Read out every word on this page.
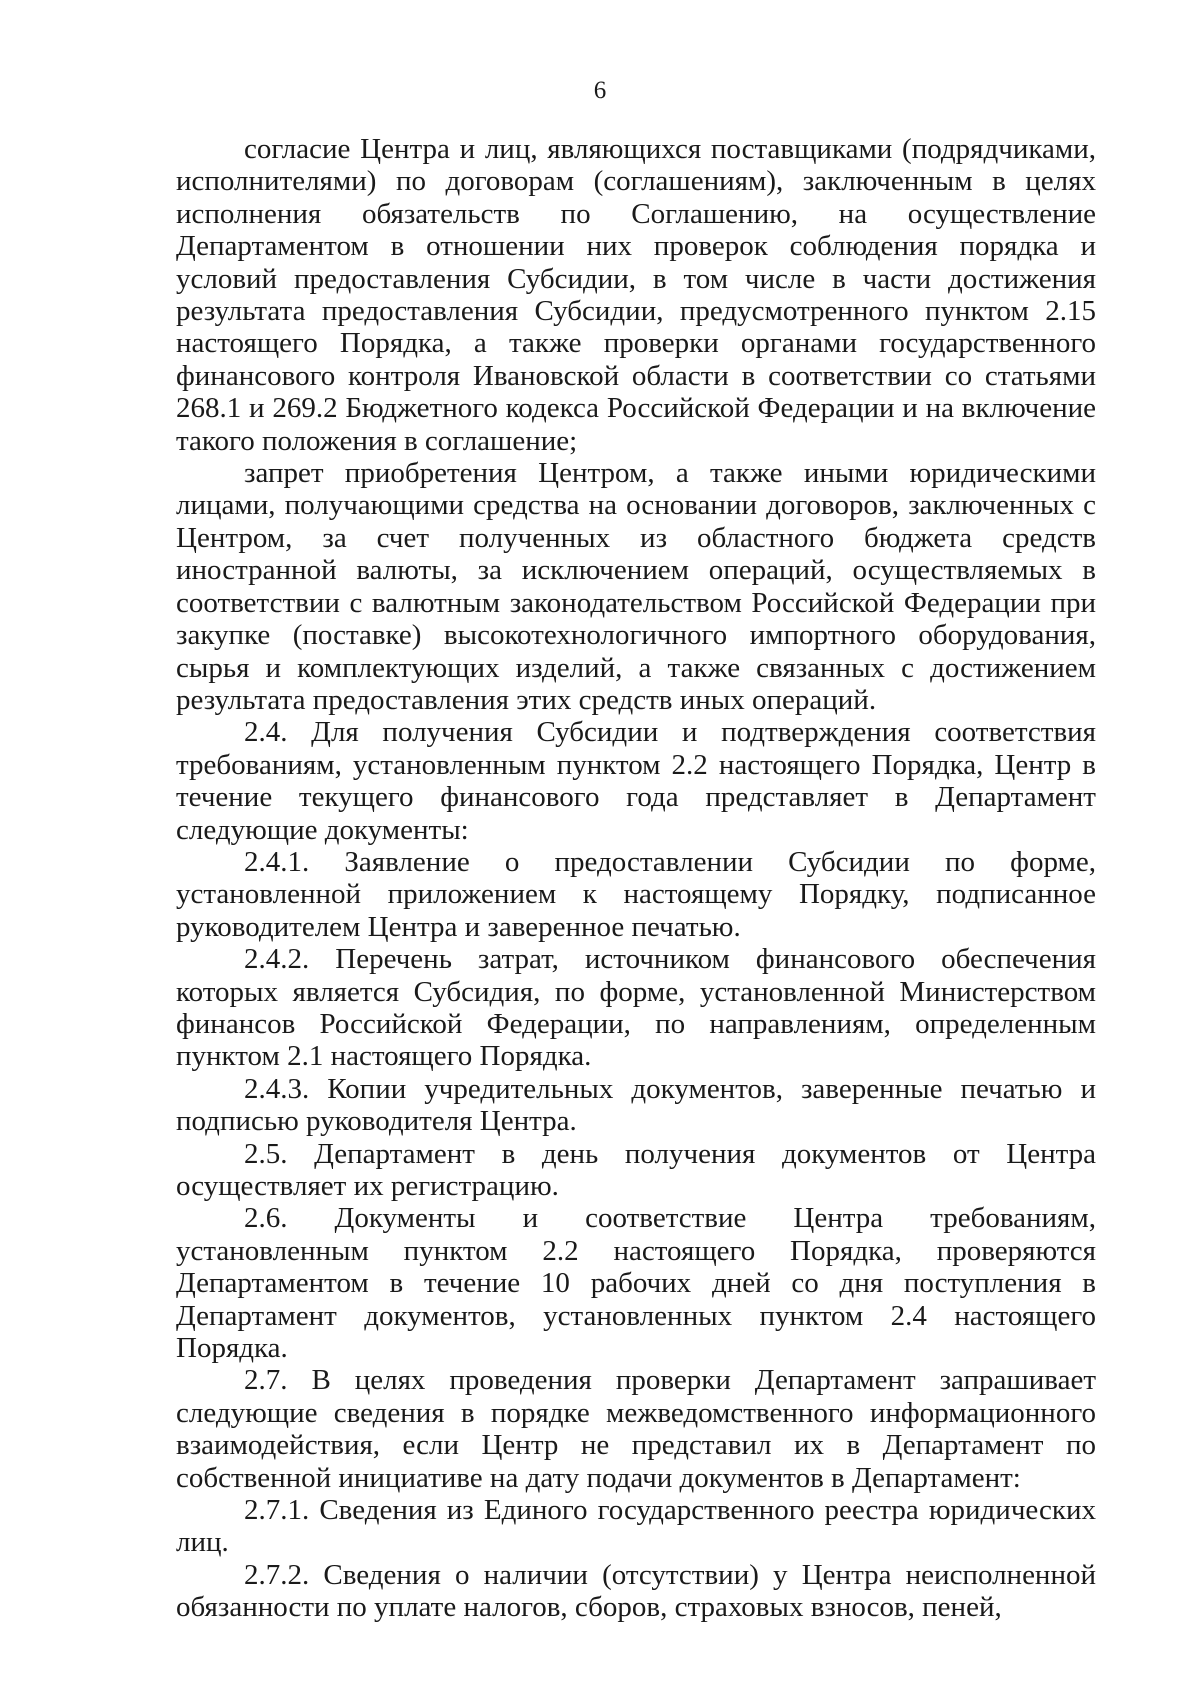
6

согласие Центра и лиц, являющихся поставщиками (подрядчиками, исполнителями) по договорам (соглашениям), заключенным в целях исполнения обязательств по Соглашению, на осуществление Департаментом в отношении них проверок соблюдения порядка и условий предоставления Субсидии, в том числе в части достижения результата предоставления Субсидии, предусмотренного пунктом 2.15 настоящего Порядка, а также проверки органами государственного финансового контроля Ивановской области в соответствии со статьями 268.1 и 269.2 Бюджетного кодекса Российской Федерации и на включение такого положения в соглашение;

запрет приобретения Центром, а также иными юридическими лицами, получающими средства на основании договоров, заключенных с Центром, за счет полученных из областного бюджета средств иностранной валюты, за исключением операций, осуществляемых в соответствии с валютным законодательством Российской Федерации при закупке (поставке) высокотехнологичного импортного оборудования, сырья и комплектующих изделий, а также связанных с достижением результата предоставления этих средств иных операций.

2.4. Для получения Субсидии и подтверждения соответствия требованиям, установленным пунктом 2.2 настоящего Порядка, Центр в течение текущего финансового года представляет в Департамент следующие документы:

2.4.1. Заявление о предоставлении Субсидии по форме, установленной приложением к настоящему Порядку, подписанное руководителем Центра и заверенное печатью.

2.4.2. Перечень затрат, источником финансового обеспечения которых является Субсидия, по форме, установленной Министерством финансов Российской Федерации, по направлениям, определенным пунктом 2.1 настоящего Порядка.

2.4.3. Копии учредительных документов, заверенные печатью и подписью руководителя Центра.

2.5. Департамент в день получения документов от Центра осуществляет их регистрацию.

2.6. Документы и соответствие Центра требованиям, установленным пунктом 2.2 настоящего Порядка, проверяются Департаментом в течение 10 рабочих дней со дня поступления в Департамент документов, установленных пунктом 2.4 настоящего Порядка.

2.7. В целях проведения проверки Департамент запрашивает следующие сведения в порядке межведомственного информационного взаимодействия, если Центр не представил их в Департамент по собственной инициативе на дату подачи документов в Департамент:

2.7.1. Сведения из Единого государственного реестра юридических лиц.

2.7.2. Сведения о наличии (отсутствии) у Центра неисполненной обязанности по уплате налогов, сборов, страховых взносов, пеней,
